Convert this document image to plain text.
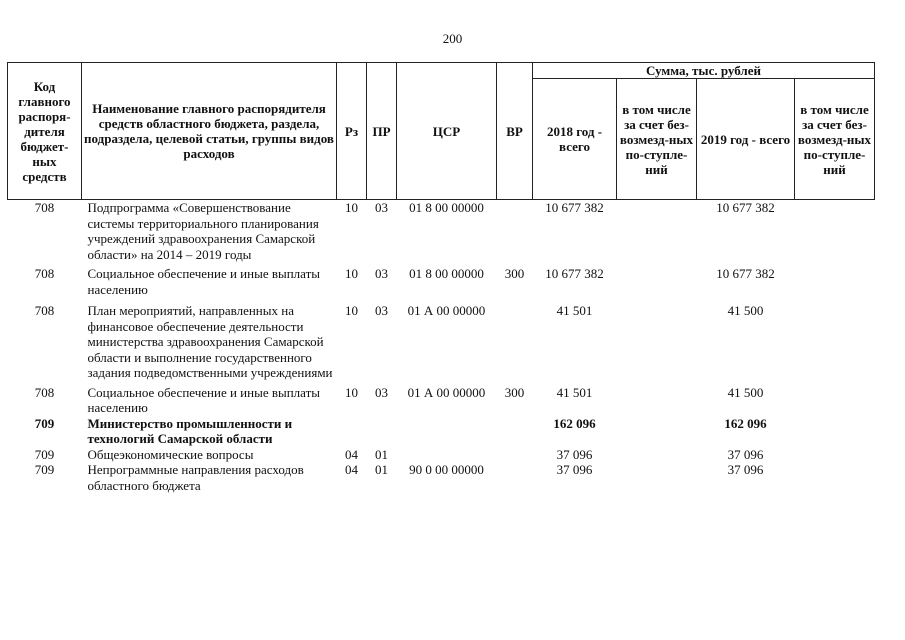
200
Код главного распоря-дителя бюджет-ных средств	Наименование главного распорядителя средств областного бюджета, раздела, подраздела, целевой статьи, группы видов расходов	Рз	ПР	ЦСР	ВР	Сумма, тыс. рублей			
						2018 год - всего	в том числе за счет без-возмезд-ных по-ступле-ний	2019 год - всего	в том числе за счет без-возмезд-ных по-ступле-ний
708	Подпрограмма «Совершенствование системы территориального планирования учреждений здравоохранения Самарской области» на 2014 – 2019 годы	10	03	01 8 00 00000		10 677 382		10 677 382	
708	Социальное обеспечение и иные выплаты населению	10	03	01 8 00 00000	300	10 677 382		10 677 382	
708	План мероприятий, направленных на финансовое обеспечение деятельности министерства здравоохранения Самарской области и выполнение государственного задания подведомственными учреждениями	10	03	01 А 00 00000		41 501		41 500	
708	Социальное обеспечение и иные выплаты населению	10	03	01 А 00 00000	300	41 501		41 500	
709	Министерство промышленности и технологий Самарской области					162 096		162 096	
709	Общеэкономические вопросы	04	01			37 096		37 096	
709	Непрограммные направления расходов областного бюджета	04	01	90 0 00 00000		37 096		37 096	
